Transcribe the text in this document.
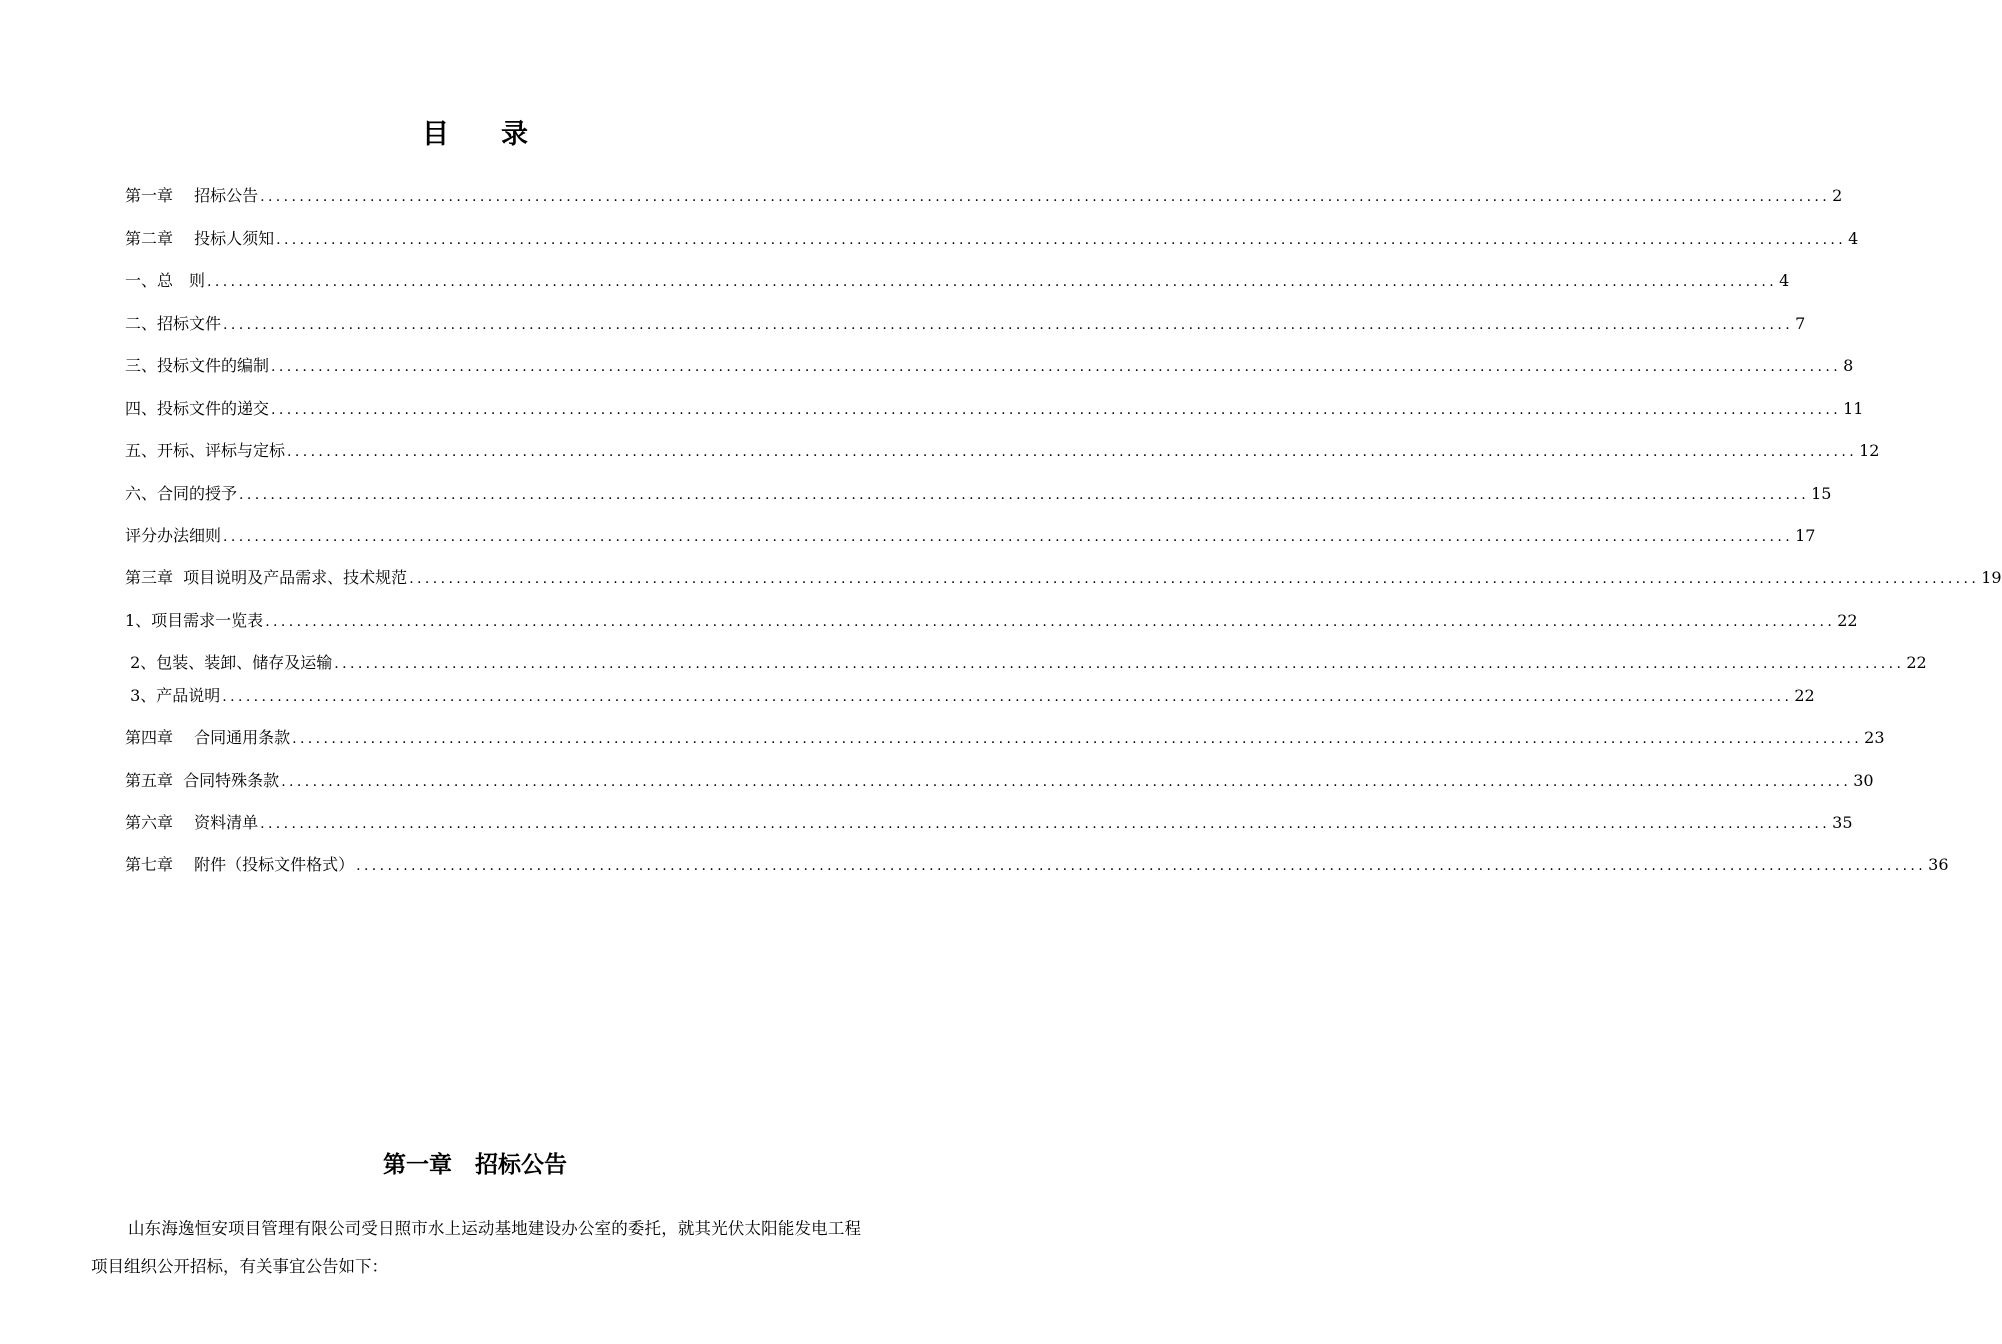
目 录
第一章　 招标公告 ........................................................................................................................................................................................................ 2
第二章　 投标人须知 ........................................................................................................................................................................................................ 4
一、总　则 ........................................................................................................................................................................................................ 4
二、招标文件 ........................................................................................................................................................................................................ 7
三、投标文件的编制 ........................................................................................................................................................................................................ 8
四、投标文件的递交 ........................................................................................................................................................................................................ 11
五、开标、评标与定标 ........................................................................................................................................................................................................ 12
六、合同的授予 ........................................................................................................................................................................................................ 15
评分办法细则 ........................................................................................................................................................................................................ 17
第三章  项目说明及产品需求、技术规范 ........................................................................................................................................................................................................ 19
1、项目需求一览表 ........................................................................................................................................................................................................ 22
2、包装、装卸、储存及运输 ........................................................................................................................................................................................................ 22
3、产品说明 ........................................................................................................................................................................................................ 22
第四章　 合同通用条款 ........................................................................................................................................................................................................ 23
第五章  合同特殊条款 ........................................................................................................................................................................................................ 30
第六章　 资料清单 ........................................................................................................................................................................................................ 35
第七章　 附件（投标文件格式） ........................................................................................................................................................................................................ 36
第一章　招标公告

山东海逸恒安项目管理有限公司受日照市水上运动基地建设办公室的委托，就其光伏太阳能发电工程项目组织公开招标，有关事宜公告如下：
